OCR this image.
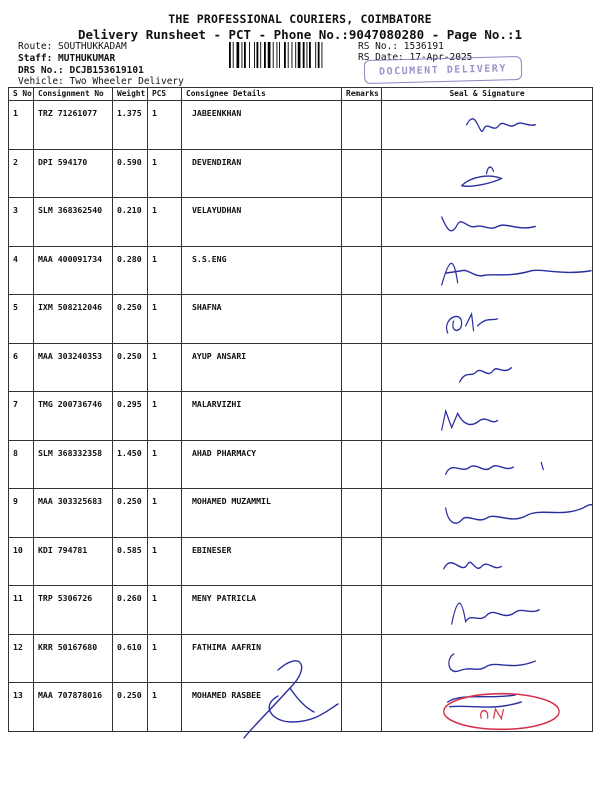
THE PROFESSIONAL COURIERS, COIMBATORE
Delivery Runsheet - PCT - Phone No.:9047080280 - Page No.:1
Route: SOUTHUKKADAM
Staff: MUTHUKUMAR
DRS No.: DCJB153619101
Vehicle: Two Wheeler Delivery
RS No.: 1536191
RS Date: 17-Apr-2025
DOCUMENT DELIVERY
S No	Consignment No	Weight	PCS	Consignee Details	Remarks	Seal & Signature
1	TRZ 71261077	1.375	1	JABEENKHAN		

2	DPI 594170	0.590	1	DEVENDIRAN		

3	SLM 368362540	0.210	1	VELAYUDHAN		

4	MAA 400091734	0.280	1	S.S.ENG		

5	IXM 508212046	0.250	1	SHAFNA		

6	MAA 303240353	0.250	1	AYUP ANSARI		

7	TMG 200736746	0.295	1	MALARVIZHI		

8	SLM 368332358	1.450	1	AHAD PHARMACY		

9	MAA 303325683	0.250	1	MOHAMED MUZAMMIL		

10	KDI 794781	0.585	1	EBINESER		

11	TRP 5306726	0.260	1	MENY PATRICLA		

12	KRR 50167680	0.610	1	FATHIMA AAFRIN		

13	MAA 707878016	0.250	1	MOHAMED RASBEE		
